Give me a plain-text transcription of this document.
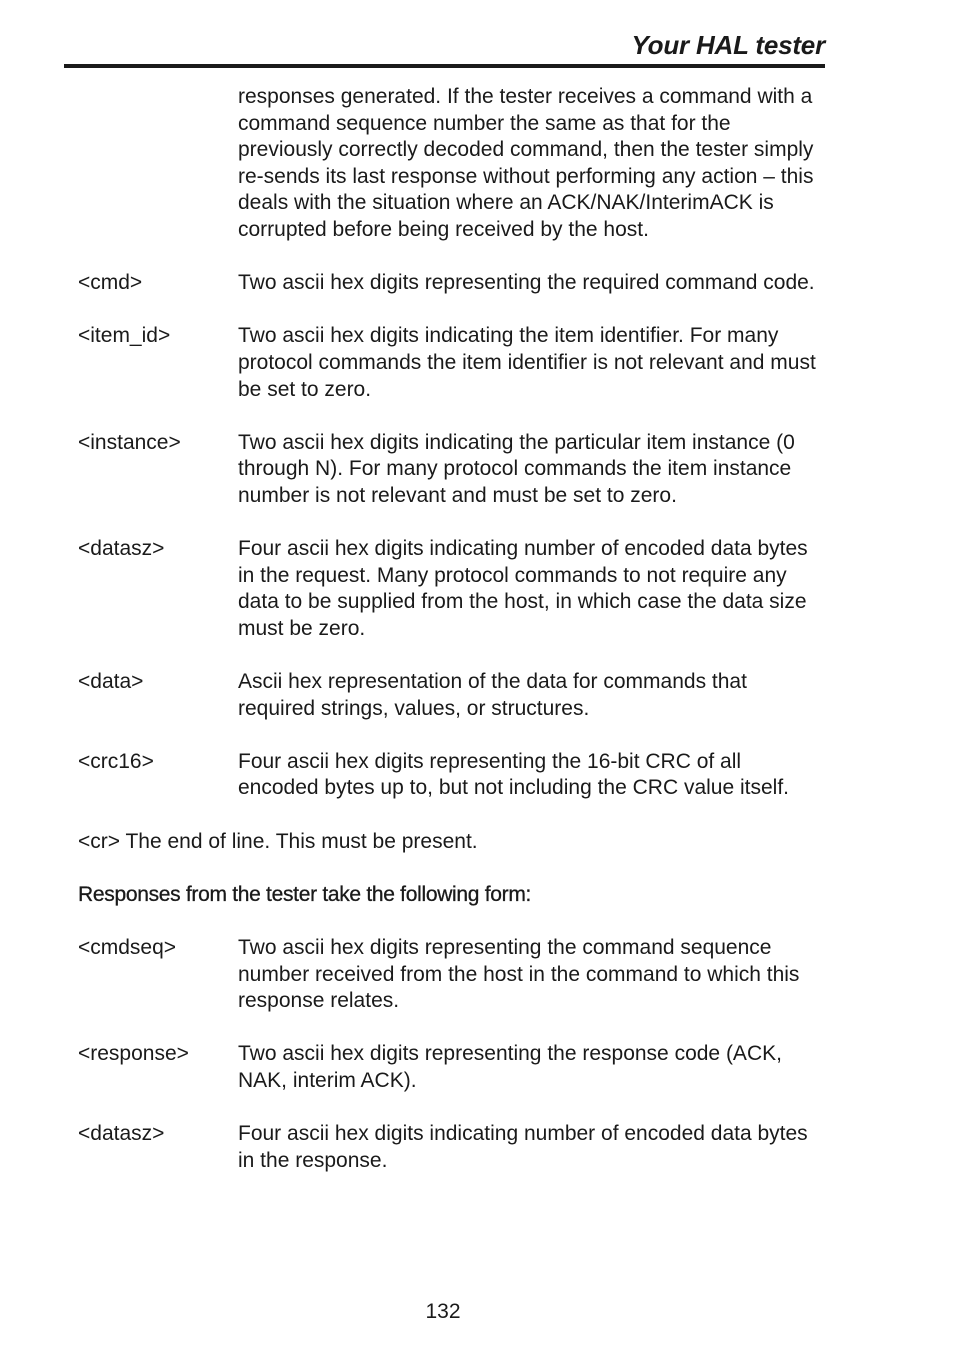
Your HAL tester
responses generated. If the tester receives a command with a command sequence number the same as that for the previously correctly decoded command, then the tester simply re-sends its last response without performing any action – this deals with the situation where an ACK/NAK/InterimACK is corrupted before being received by the host.
<cmd>	Two ascii hex digits representing the required command code.
<item_id>	Two ascii hex digits indicating the item identifier. For many protocol commands the item identifier is not relevant and must be set to zero.
<instance>	Two ascii hex digits indicating the particular item instance (0 through N). For many protocol commands the item instance number is not relevant and must be set to zero.
<datasz>	Four ascii hex digits indicating number of encoded data bytes in the request. Many protocol commands to not require any data to be supplied from the host, in which case the data size must be zero.
<data>	Ascii hex representation of the data for commands that required strings, values, or structures.
<crc16>	Four ascii hex digits representing the 16-bit CRC of all encoded bytes up to, but not including the CRC value itself.
<cr> The end of line. This must be present.
Responses from the tester take the following form:
<cmdseq>	Two ascii hex digits representing the command sequence number received from the host in the command to which this response relates.
<response>	Two ascii hex digits representing the response code (ACK, NAK, interim ACK).
<datasz>	Four ascii hex digits indicating number of encoded data bytes in the response.
132
